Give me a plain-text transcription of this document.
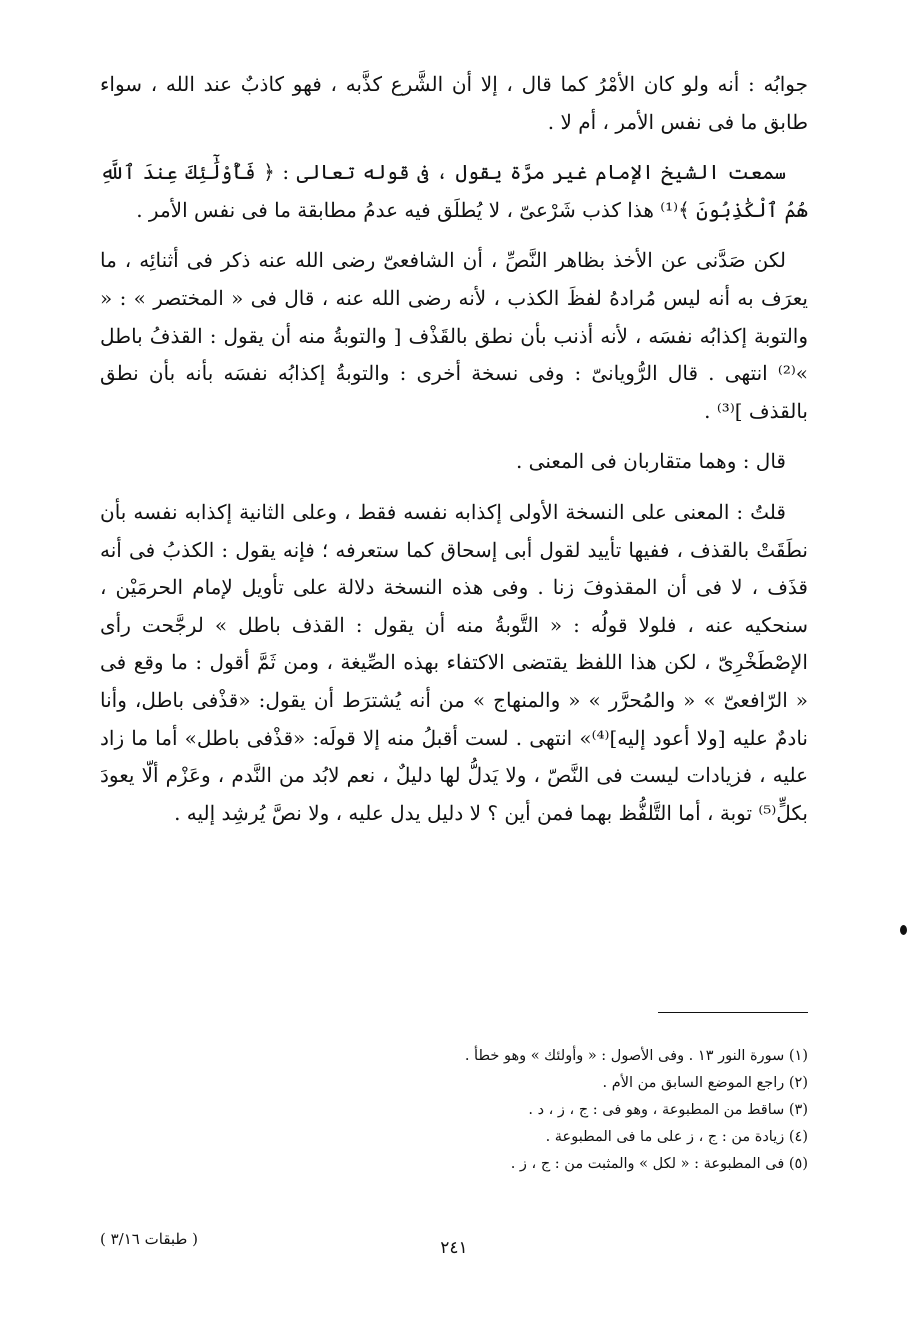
جوابُه : أنه ولو كان الأمْرُ كما قال ، إلا أن الشَّرع كذَّبه ، فهو كاذبٌ عند الله ، سواء طابق ما فى نفس الأمر ، أم لا .

سمعت الشيخ الإمام غير مرَّة يقول ، فى قوله تعالى : ﴿ فَأُوْلَٰٓئِكَ عِندَ ٱللَّهِ هُمُ ٱلْكَٰذِبُونَ ﴾⁽¹⁾ هذا كذب شَرْعىّ ، لا يُطلَق فيه عدمُ مطابقة ما فى نفس الأمر .

لكن صَدَّنى عن الأخذ بظاهر النَّصِّ ، أن الشافعىّ رضى الله عنه ذكر فى أثنائِه ، ما يعرَف به أنه ليس مُرادهُ لفظَ الكذب ، لأنه رضى الله عنه ، قال فى « المختصر » : « والتوبة إكذابُه نفسَه ، لأنه أذنب بأن نطق بالقَذْف [ والتوبةُ منه أن يقول : القذفُ باطل »⁽²⁾ انتهى . قال الرُّويانىّ : وفى نسخة أخرى : والتوبةُ إكذابُه نفسَه بأنه بأن نطق بالقذف ]⁽³⁾ .

قال : وهما متقاربان فى المعنى .

قلتُ : المعنى على النسخة الأولى إكذابه نفسه فقط ، وعلى الثانية إكذابه نفسه بأن نطَقَتْ بالقذف ، ففيها تأييد لقول أبى إسحاق كما ستعرفه ؛ فإنه يقول : الكذبُ فى أنه قذَف ، لا فى أن المقذوفَ زنا . وفى هذه النسخة دلالة على تأويل لإمام الحرمَيْن ، سنحكيه عنه ، فلولا قولُه : « التَّوبةُ منه أن يقول : القذف باطل » لرجَّحت رأى الإصْطَخْرِىّ ، لكن هذا اللفظ يقتضى الاكتفاء بهذه الصِّيغة ، ومن ثَمَّ أقول : ما وقع فى « الرّافعىّ » « والمُحرَّر » « والمنهاج » من أنه يُشترَط أن يقول: «قذْفى باطل، وأنا نادمٌ عليه [ولا أعود إليه]⁽⁴⁾» انتهى . لست أقبلُ منه إلا قولَه: «قذْفى باطل» أما ما زاد عليه ، فزيادات ليست فى النَّصّ ، ولا يَدلُّ لها دليلٌ ، نعم لابُد من النَّدم ، وعَزْم ألّا يعودَ بكلٍّ⁽⁵⁾ توبة ، أما التَّلفُّظ بهما فمن أين ؟ لا دليل يدل عليه ، ولا نصَّ يُرشِد إليه .

(١) سورة النور ١٣ . وفى الأصول : « وأولئك » وهو خطأ .
(٢) راجع الموضع السابق من الأم .
(٣) ساقط من المطبوعة ، وهو فى : ج ، ز ، د .
(٤) زيادة من : ج ، ز على ما فى المطبوعة .
(٥) فى المطبوعة : « لكل » والمثبت من : ج ، ز .
٢٤١
( طبقات ٣/١٦ )
